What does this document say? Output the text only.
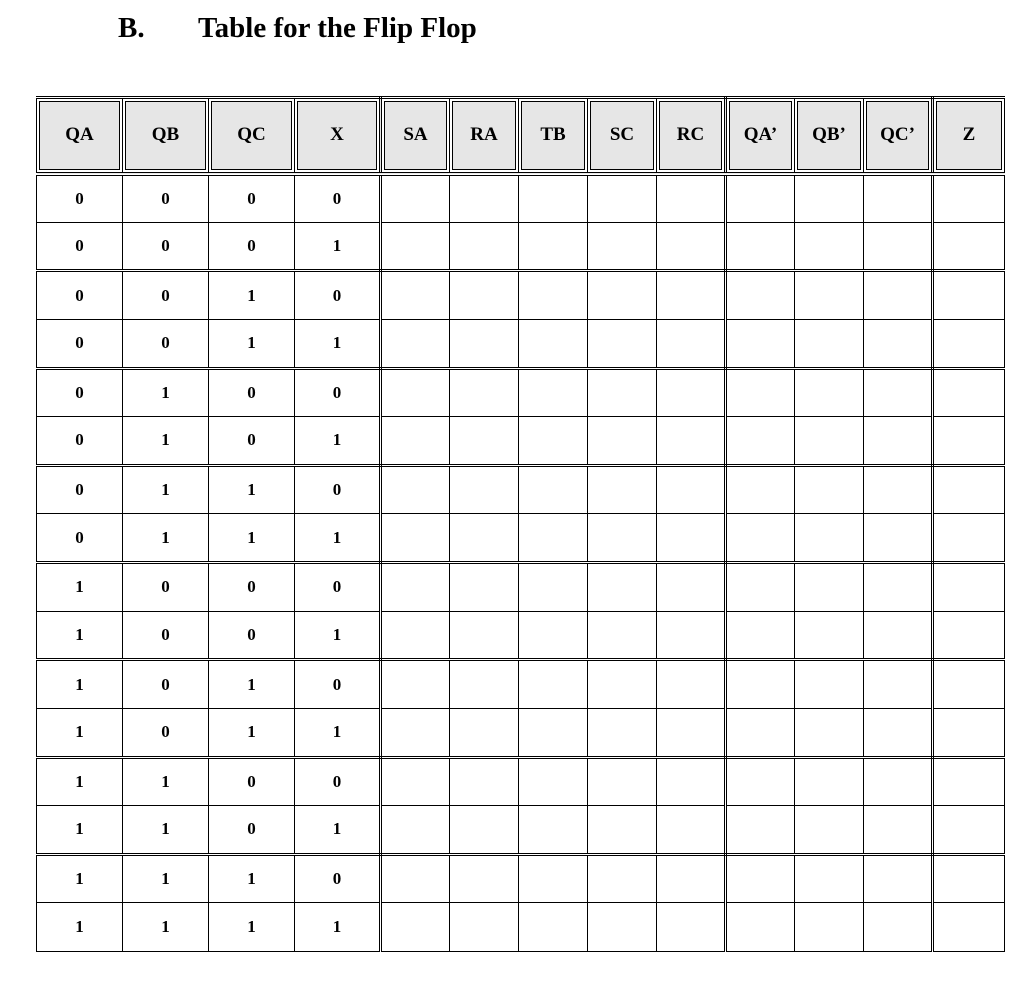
B. Table for the Flip Flop
QA	QB	QC	X	SA	RA	TB	SC	RC	QA’	QB’	QC’	Z
0	0	0	0									
0	0	0	1									
0	0	1	0									
0	0	1	1									
0	1	0	0									
0	1	0	1									
0	1	1	0									
0	1	1	1									
1	0	0	0									
1	0	0	1									
1	0	1	0									
1	0	1	1									
1	1	0	0									
1	1	0	1									
1	1	1	0									
1	1	1	1									
